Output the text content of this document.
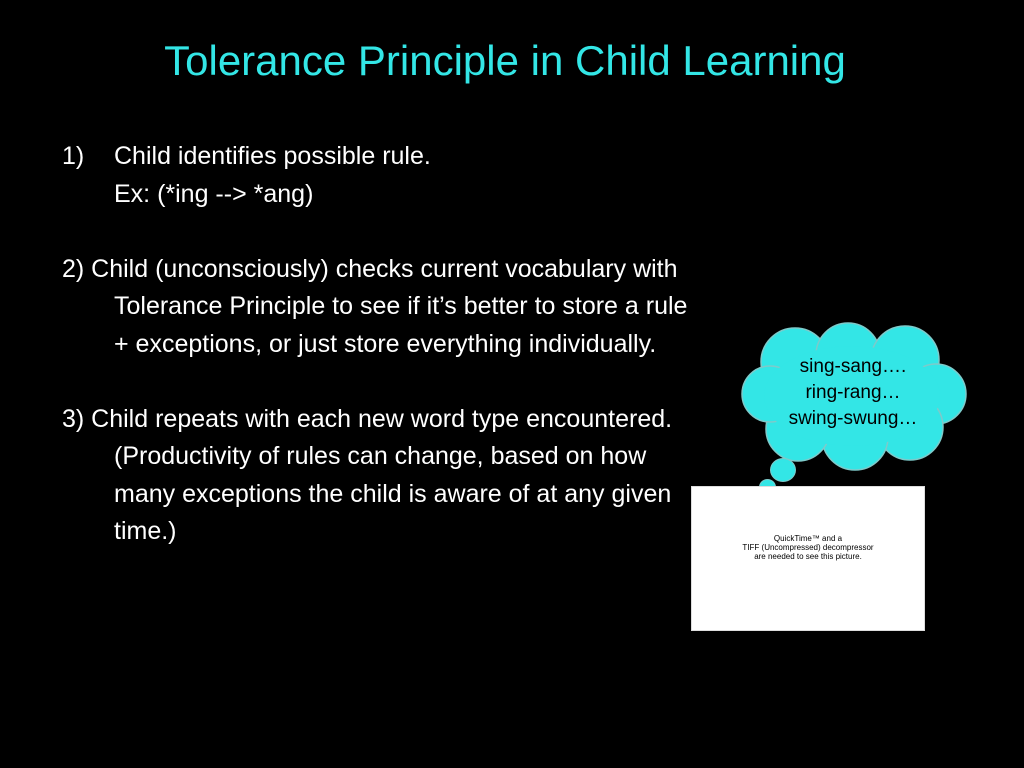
Tolerance Principle in Child Learning
1) Child identifies possible rule.
Ex: (*ing --> *ang)
2) Child (unconsciously) checks current vocabulary with Tolerance Principle to see if it’s better to store a rule + exceptions, or just store everything individually.
3) Child repeats with each new word type encountered. (Productivity of rules can change, based on how many exceptions the child is aware of at any given time.)
sing-sang….
ring-rang…
swing-swung…
QuickTime™ and a
TIFF (Uncompressed) decompressor
are needed to see this picture.
